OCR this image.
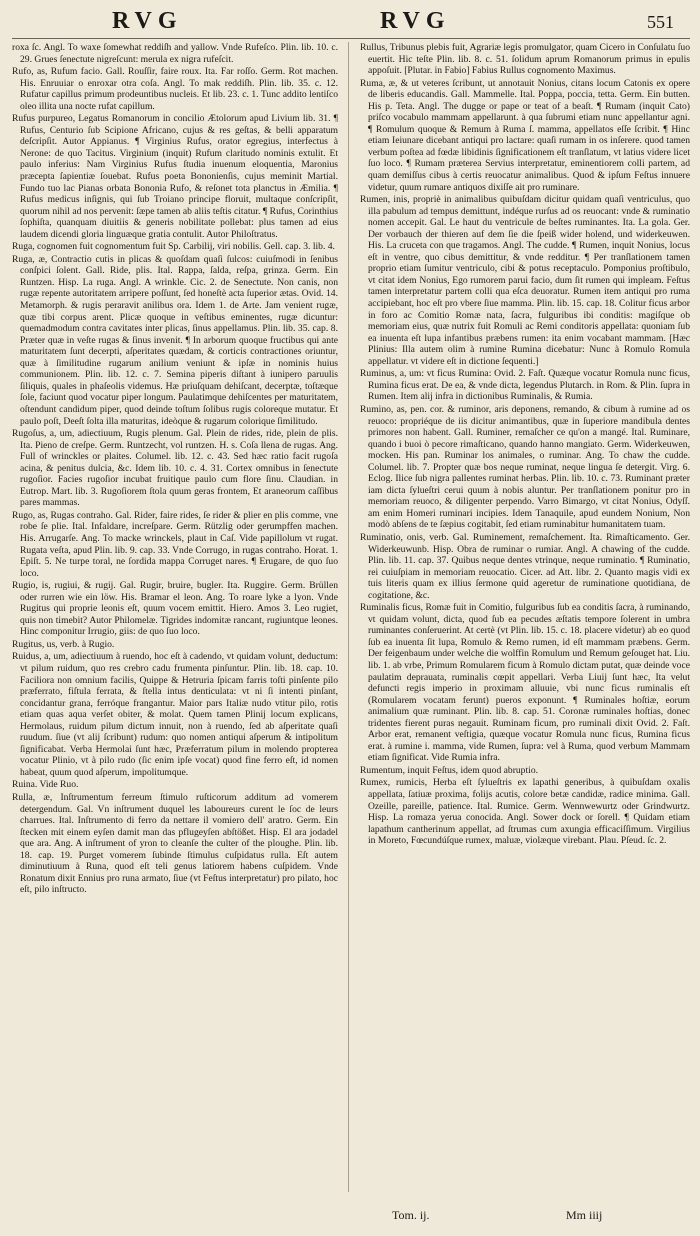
RVG	RVG	551

roxa ſc. Angl. To waxe ſomewhat reddiſh and yallow. Vnde Rufeſco. Plin. lib. 10. c. 29. Grues ſenectute nigreſcunt: merula ex nigra rufeſcit.

Rufo, as, Rufum facio. Gall. Rouſſir, faire roux. Ita. Far roſſo. Germ. Rot machen. His. Enruuiar o enroxar otra coſa. Angl. To mak reddiſh. Plin. lib. 35. c. 12. Rufatur capillus primum prodeuntibus nucleis. Et lib. 23. c. 1. Tunc addito lentiſco oleo illita una nocte rufat capillum.

Rufus purpureo, Legatus Romanorum in concilio Ætolorum apud Livium lib. 31. ¶ Rufus, Centurio ſub Scipione Africano, cujus & res geſtas, & belli apparatum deſcripſit. Autor Appianus. ¶ Virginius Rufus, orator egregius, interfectus à Nerone: de quo Tacitus. Virginium (inquit) Rufum claritudo nominis extulit. Et paulo inferius: Nam Virginius Rufus ſtudia inuenum eloquentia, Maronius præcepta ſapientiæ ſouebat. Rufus poeta Bononienſis, cujus meminit Martial. Fundo tuo lac Pianas orbata Bononia Rufo, & reſonet tota planctus in Æmilia. ¶ Rufus medicus inſignis, qui ſub Troiano principe floruit, multaque conſcripſit, quorum nihil ad nos pervenit: ſæpe tamen ab aliis teſtis citatur. ¶ Rufus, Corinthius ſophiſta, quanquam diuitiis & generis nobilitate pollebat: plus tamen ad eius laudem dicendi gloria linguæque gratia contulit. Autor Philoſtratus.

Ruga, cognomen fuit cognomentum fuit Sp. Carbilij, viri nobilis. Gell. cap. 3. lib. 4.

Ruga, æ, Contractio cutis in plicas & quoſdam quaſi ſulcos: cuiuſmodi in ſenibus conſpici ſolent. Gall. Ride, plis. Ital. Rappa, ſalda, reſpa, grinza. Germ. Ein Runtzen. Hisp. La ruga. Angl. A wrinkle. Cic. 2. de Senectute. Non canis, non rugæ repente autoritatem arripere poſſunt, ſed honeſtè acta ſuperior ætas. Ovid. 14. Metamorph. & rugis peraravit anilibus ora. Idem 1. de Arte. Jam venient rugæ, quæ tibi corpus arent. Plicæ quoque in veſtibus eminentes, rugæ dicuntur: quemadmodum contra cavitates inter plicas, ſinus appellamus. Plin. lib. 35. cap. 8. Præter quæ in veſte rugas & ſinus invenit. ¶ In arborum quoque fructibus qui ante maturitatem ſunt decerpti, aſperitates quædam, & corticis contractiones oriuntur, quæ à ſimilitudine rugarum anilium veniunt & ipſæ in nominis huius communionem. Plin. lib. 12. c. 7. Semina piperis diſtant à iunipero paruulis ſiliquis, quales in phaſeolis videmus. Hæ priuſquam dehiſcant, decerptæ, toſtæque ſole, faciunt quod vocatur piper longum. Paulatimque dehiſcentes per maturitatem, oſtendunt candidum piper, quod deinde toſtum ſolibus rugis coloreque mutatur. Et paulo poſt, Deeſt ſolta illa maturitas, ideòque & rugarum colorique ſimilitudo.

Rugoſus, a, um, adiectiuum, Rugis plenum. Gal. Plein de rides, ride, plein de plis. Ita. Pieno de creſpe. Germ. Runtzecht, vol runtzen. H. s. Coſa llena de rugas. Ang. Full of wrinckles or plaites. Columel. lib. 12. c. 43. Sed hæc ratio facit rugoſa acina, & penitus dulcia, &c. Idem lib. 10. c. 4. 31. Cortex omnibus in ſenectute rugoſior. Facies rugoſior incubat fruitique paulo cum flore ſinu. Claudian. in Eutrop. Mart. lib. 3. Rugoſiorem ſtola quum geras frontem, Et araneorum caſſibus pares mammas.

Rugo, as, Rugas contraho. Gal. Rider, faire rides, ſe rider & plier en plis comme, vne robe ſe plie. Ital. Infaldare, increſpare. Germ. Rützlig oder gerumpffen machen. His. Arrugarſe. Ang. To macke wrinckels, plaut in Caſ. Vide papillolum vt rugat. Rugata veſta, apud Plin. lib. 9. cap. 33. Vnde Corrugo, in rugas contraho. Horat. 1. Epiſt. 5. Ne turpe toral, ne ſordida mappa Corruget nares. ¶ Erugare, de quo ſuo loco.

Rugio, is, rugiui, & rugij. Gal. Rugir, bruire, bugler. Ita. Ruggire. Germ. Brüllen oder rurren wie ein löw. His. Bramar el leon. Ang. To roare lyke a lyon. Vnde Rugitus qui proprie leonis eſt, quum vocem emittit. Hiero. Amos 3. Leo rugiet, quis non timebit? Autor Philomelæ. Tigrides indomitæ rancant, rugiuntque leones. Hinc componitur Irrugio, giis: de quo ſuo loco.

Rugitus, us, verb. à Rugio.

Ruidus, a, um, adiectiuum à ruendo, hoc eſt à cadendo, vt quidam volunt, deductum: vt pilum ruidum, quo res crebro cadu frumenta pinſuntur. Plin. lib. 18. cap. 10. Faciliora non omnium facilis, Quippe & Hetruria ſpicam farris toſti pinſente pilo præferrato, fiſtula ferrata, & ſtella intus denticulata: vt ni ſi intenti pinſant, concidantur grana, ferróque frangantur. Maior pars Italiæ nudo vtitur pilo, rotis etiam quas aqua verſet obiter, & molat. Quem tamen Plinij locum explicans, Hermolaus, ruidum pilum dictum innuit, non à ruendo, ſed ab aſperitate quaſi ruudum. ſiue (vt alij ſcribunt) rudum: quo nomen antiqui aſperum & intipolitum ſignificabat. Verba Hermolai ſunt hæc, Præferratum pilum in molendo propterea vocatur Plinio, vt à pilo rudo (ſic enim ipſe vocat) quod fine ferro eſt, id nomen habeat, quum quod aſperum, impolitumque.

Ruina. Vide Ruo.

Rulla, æ, Inſtrumentum ferreum ſtimulo ruſticorum additum ad vomerem detergendum. Gal. Vn inſtrument duquel les laboureurs curent le ſoc de leurs charrues. Ital. Inſtrumento di ferro da nettare il vomiero dell' aratro. Germ. Ein ſtecken mit einem eyſen damit man das pflugeyſen abſtößet. Hisp. El ara jodadel que ara. Ang. A inſtrument of yron to cleanſe the culter of the ploughe. Plin. lib. 18. cap. 19. Purget vomerem ſubinde ſtimulus cuſpidatus rulla. Eſt autem diminutiuum à Runa, quod eſt teli genus latiorem habens cuſpidem. Vnde Ronatum dixit Ennius pro runa armato, ſiue (vt Feſtus interpretatur) pro pilato, hoc eſt, pilo inſtructo.

Rullus, Tribunus plebis fuit, Agrariæ legis promulgator, quam Cicero in Conſulatu ſuo euertit. Hic teſte Plin. lib. 8. c. 51. ſolidum aprum Romanorum primus in epulis appoſuit. [Plutar. in Fabio] Fabius Rullus cognomento Maximus.

Ruma, æ, & ut veteres ſcribunt, ut annotauit Nonius, citans locum Catonis ex opere de liberis educandis. Gall. Mammelle. Ital. Poppa, poccia, tetta. Germ. Ein butten. His p. Teta. Angl. The dugge or pape or teat of a beaſt. ¶ Rumam (inquit Cato) priſco vocabulo mammam appellarunt. à qua ſubrumi etiam nunc appellantur agni. ¶ Romulum quoque & Remum à Ruma ſ. mamma, appellatos eſſe ſcribit. ¶ Hinc etiam Ieiunare dicebant antiqui pro lactare: quaſi rumam in os inſerere. quod tamen verbum poſtea ad fœdæ libidinis ſignificationem eſt tranſlatum, vt latius videre licet ſuo loco. ¶ Rumam præterea Servius interpretatur, eminentiorem colli partem, ad quam demiſſus cibus à certis reuocatur animalibus. Quod & ipſum Feſtus innuere videtur, quum rumare antiquos dixiſſe ait pro ruminare.

Rumen, inis, propriè in animalibus quibuſdam dicitur quidam quaſi ventriculus, quo illa pabulum ad tempus demittunt, indéque rurſus ad os reuocant: vnde & ruminatio nomen accepit. Gal. Le haut du ventricule de beſtes ruminantes. Ita. La gola. Ger. Der vorbauch der thieren auf dem ſie die ſpeiß wider holend, und widerkeuwen. His. La cruceta con que tragamos. Angl. The cudde. ¶ Rumen, inquit Nonius, locus eſt in ventre, quo cibus demittitur, & vnde redditur. ¶ Per tranſlationem tamen proprio etiam ſumitur ventriculo, cibi & potus receptaculo. Pomponius proſtibulo, vt citat idem Nonius, Ego rumorem parui facio, dum ſit rumen qui impleam. Feſtus tamen interpretatur partem colli qua eſca deuoratur. Rumen item antiqui pro ruma accipiebant, hoc eſt pro vbere ſiue mamma. Plin. lib. 15. cap. 18. Colitur ficus arbor in foro ac Comitio Romæ nata, ſacra, fulguribus ibi conditis: magiſque ob memoriam eius, quæ nutrix fuit Romuli ac Remi conditoris appellata: quoniam ſub ea inuenta eſt lupa infantibus præbens rumen: ita enim vocabant mammam. [Hæc Plinius: Illa autem olim à rumine Rumina dicebatur: Nunc à Romulo Romula appellatur. vt videre eſt in dictione ſequenti.]

Ruminus, a, um: vt ficus Rumina: Ovid. 2. Faſt. Quæque vocatur Romula nunc ficus, Rumina ficus erat. De ea, & vnde dicta, legendus Plutarch. in Rom. & Plin. ſupra in Rumen. Item alij infra in dictionibus Ruminalis, & Rumia.

Rumino, as, pen. cor. & ruminor, aris deponens, remando, & cibum à rumine ad os reuoco: propriéque de iis dicitur animantibus, quæ in ſuperiore mandibula dentes primores non habent. Gall. Ruminer, remaſcher ce qu'on a mangé. Ital. Ruminare, quando i buoi ò pecore rimaſticano, quando hanno mangiato. Germ. Widerkeuwen, mocken. His pan. Ruminar los animales, o ruminar. Ang. To chaw the cudde. Columel. lib. 7. Propter quæ bos neque ruminat, neque lingua ſe detergit. Virg. 6. Eclog. Ilice ſub nigra pallentes ruminat herbas. Plin. lib. 10. c. 73. Ruminant præter iam dicta ſylueſtri cerui quum à nobis aluntur. Per tranſlationem ponitur pro in memoriam reuoco, & diligenter perpendo. Varro Bimargo, vt citat Nonius, Odyſſ. am enim Homeri ruminari incipies. Idem Tanaquile, apud eundem Nonium, Non modò abſens de te ſæpius cogitabit, ſed etiam ruminabitur humanitatem tuam.

Ruminatio, onis, verb. Gal. Ruminement, remaſchement. Ita. Rimaſticamento. Ger. Widerkeuwunb. Hisp. Obra de ruminar o rumiar. Angl. A chawing of the cudde. Plin. lib. 11. cap. 37. Quibus neque dentes vtrinque, neque ruminatio. ¶ Ruminatio, rei cuiuſpiam in memoriam reuocatio. Cicer. ad Att. libr. 2. Quanto magis vidi ex tuis literis quam ex illius ſermone quid ageretur de ruminatione quotidiana, de cogitatione, &c.

Ruminalis ficus, Romæ fuit in Comitio, fulguribus ſub ea conditis ſacra, à ruminando, vt quidam volunt, dicta, quod ſub ea pecudes æſtatis tempore ſolerent in umbra ruminantes conſeruerint. At certè (vt Plin. lib. 15. c. 18. placere videtur) ab eo quod ſub ea inuenta ſit lupa, Romulo & Remo rumen, id eſt mammam præbens. Germ. Der feigenbaum under welche die wolffin Romulum und Remum geſouget hat. Liu. lib. 1. ab vrbe, Primum Romularem ficum à Romulo dictam putat, quæ deinde voce paulatim deprauata, ruminalis cœpit appellari. Verba Liuij ſunt hæc, Ita velut defuncti regis imperio in proximam alluuie, vbi nunc ficus ruminalis eſt (Romularem vocatam ferunt) pueros exponunt. ¶ Ruminales hoſtiæ, eorum animalium quæ ruminant. Plin. lib. 8. cap. 51. Coronæ ruminales hoſtias, donec tridentes fierent puras negauit. Ruminam ficum, pro ruminali dixit Ovid. 2. Faſt. Arbor erat, remanent veſtigia, quæque vocatur Romula nunc ficus, Rumina ficus erat. à rumine i. mamma, vide Rumen, ſupra: vel à Ruma, quod verbum Mammam etiam ſignificat. Vide Rumia infra.

Rumentum, inquit Feſtus, idem quod abruptio.

Rumex, rumicis, Herba eſt ſylueſtris ex lapathi generibus, à quibuſdam oxalis appellata, ſatiuæ proxima, folijs acutis, colore betæ candidæ, radice minima. Gall. Ozeille, pareille, patience. Ital. Rumice. Germ. Wennwewurtz oder Grindwurtz. Hisp. La romaza yerua conocida. Angl. Sower dock or ſorell. ¶ Quidam etiam lapathum cantherinum appellat, ad ſtrumas cum axungia efficaciſſimum. Virgilius in Moreto, Fœcundúſque rumex, maluæ, violæque virebant. Plau. Pſeud. ſc. 2.

Tom. ij.	Mm iiij
